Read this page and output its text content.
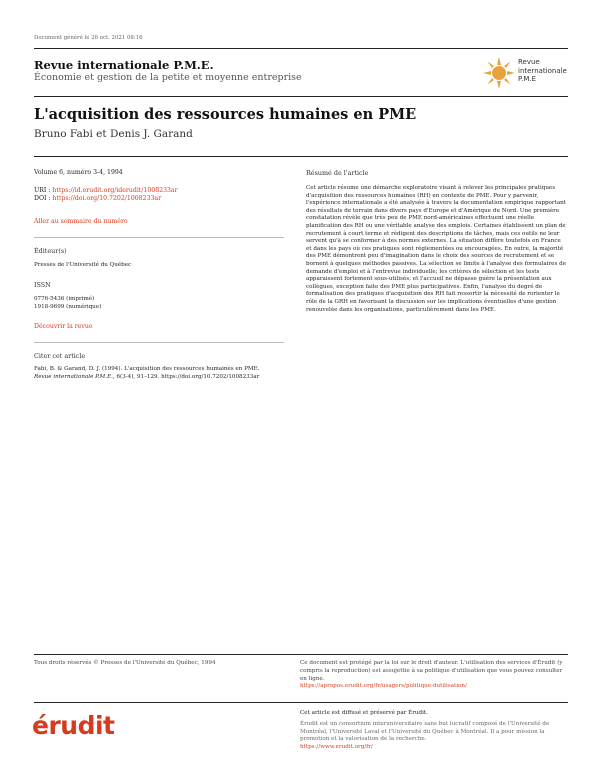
Document généré le 26 oct. 2021 08:16
Revue internationale P.M.E.
Économie et gestion de la petite et moyenne entreprise
Revue
internationale
P.M.E
L'acquisition des ressources humaines en PME
Bruno Fabi et Denis J. Garand
Volume 6, numéro 3-4, 1994
URI : https://id.erudit.org/iderudit/1008233ar
DOI : https://doi.org/10.7202/1008233ar
Aller au sommaire du numéro
Éditeur(s)
Presses de l'Université du Québec
ISSN
0776-5436 (imprimé)
1918-9699 (numérique)
Découvrir la revue
Citer cet article
Fabi, B. & Garand, D. J. (1994). L'acquisition des ressources humaines en PME.
Revue internationale P.M.E., 6(3-4), 91–129. https://doi.org/10.7202/1008233ar
Résumé de l'article
Cet article résume une démarche exploratoire visant à relever les principales pratiques d'acquisition des ressources humaines (RH) en contexte de PME. Pour y parvenir, l'expérience internationale a été analysée à travers la documentation empirique rapportant des résultats de terrain dans divers pays d'Europe et d'Amérique du Nord. Une première constatation révèle que très peu de PME nord-américaines effectuent une réelle planification des RH ou une véritable analyse des emplois. Certaines établissent un plan de recrutement à court terme et rédigent des descriptions de tâches, mais ces outils ne leur servent qu'à se conformer à des normes externes. La situation diffère toutefois en France et dans les pays où ces pratiques sont réglementées ou encouragées. En outre, la majorité des PME démontrent peu d'imagination dans le choix des sources de recrutement et se bornent à quelques méthodes passives. La sélection se limite à l'analyse des formulaires de demande d'emploi et à l'entrevue individuelle; les critères de sélection et les tests apparaissent fortement sous-utilisés; et l'accueil ne dépasse guère la présentation aux collègues, exception faite des PME plus participatives. Enfin, l'analyse du degré de formalisation des pratiques d'acquisition des RH fait ressortir la nécessité de rorienter le rôle de la GRH en favorisant la discussion sur les implications éventuelles d'une gestion renouvelée dans les organisations, particulièrement dans les PME.
Tous droits réservés © Presses de l'Université du Québec, 1994	Ce document est protégé par la loi sur le droit d'auteur. L'utilisation des services d'Érudit (y compris la reproduction) est assujettie à sa politique d'utilisation que vous pouvez consulter en ligne.
https://apropos.erudit.org/fr/usagers/politique-dutilisation/
érudit	Cet article est diffusé et préservé par Érudit.
Érudit est un consortium interuniversitaire sans but lucratif composé de l'Université de Montréal, l'Université Laval et l'Université du Québec à Montréal. Il a pour mission la promotion et la valorisation de la recherche.
https://www.erudit.org/fr/
